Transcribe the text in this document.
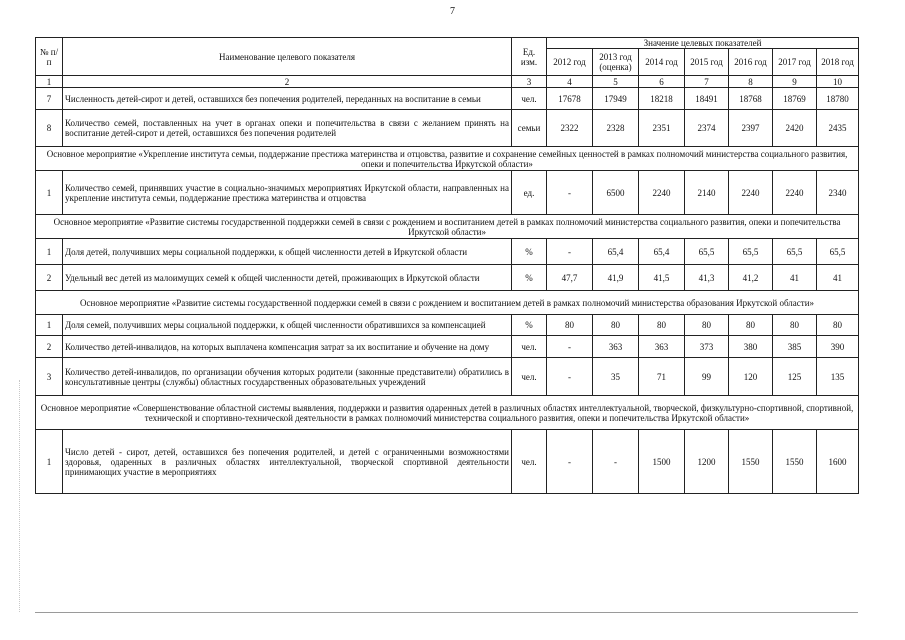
7
№ п/п	Наименование целевого показателя	Ед. изм.	Значение целевых показателей						
			2012 год	2013 год (оценка)	2014 год	2015 год	2016 год	2017 год	2018 год
1	2	3	4	5	6	7	8	9	10
7	Численность детей-сирот и детей, оставшихся без попечения родителей, переданных на воспитание в семьи	чел.	17678	17949	18218	18491	18768	18769	18780
8	Количество семей, поставленных на учет в органах опеки и попечительства в связи с желанием принять на воспитание детей-сирот и детей, оставшихся без попечения родителей	семьи	2322	2328	2351	2374	2397	2420	2435
Основное мероприятие «Укрепление института семьи, поддержание престижа материнства и отцовства, развитие и сохранение семейных ценностей в рамках полномочий министерства социального развития, опеки и попечительства Иркутской области»									
1	Количество семей, принявших участие в социально-значимых мероприятиях Иркутской области, направленных на укрепление института семьи, поддержание престижа материнства и отцовства	ед.	-	6500	2240	2140	2240	2240	2340
Основное мероприятие «Развитие системы государственной поддержки семей в связи с рождением и воспитанием детей в рамках полномочий министерства социального развития, опеки и попечительства Иркутской области»									
1	Доля детей, получивших меры социальной поддержки, к общей численности детей в Иркутской области	%	-	65,4	65,4	65,5	65,5	65,5	65,5
2	Удельный вес детей из малоимущих семей к общей численности детей, проживающих в Иркутской области	%	47,7	41,9	41,5	41,3	41,2	41	41
Основное мероприятие «Развитие системы государственной поддержки семей в связи с рождением и воспитанием детей в рамках полномочий министерства образования Иркутской области»									
1	Доля семей, получивших меры социальной поддержки, к общей численности обратившихся за компенсацией	%	80	80	80	80	80	80	80
2	Количество детей-инвалидов, на которых выплачена компенсация затрат за их воспитание и обучение на дому	чел.	-	363	363	373	380	385	390
3	Количество детей-инвалидов, по организации обучения которых родители (законные представители) обратились в консультативные центры (службы) областных государственных образовательных учреждений	чел.	-	35	71	99	120	125	135
Основное мероприятие «Совершенствование областной системы выявления, поддержки и развития одаренных детей в различных областях интеллектуальной, творческой, физкультурно-спортивной, спортивной, технической и спортивно-технической деятельности в рамках полномочий министерства социального развития, опеки и попечительства Иркутской области»									
1	Число детей - сирот, детей, оставшихся без попечения родителей, и детей с ограниченными возможностями здоровья, одаренных в различных областях интеллектуальной, творческой спортивной деятельности принимающих участие в мероприятиях	чел.	-	-	1500	1200	1550	1550	1600
